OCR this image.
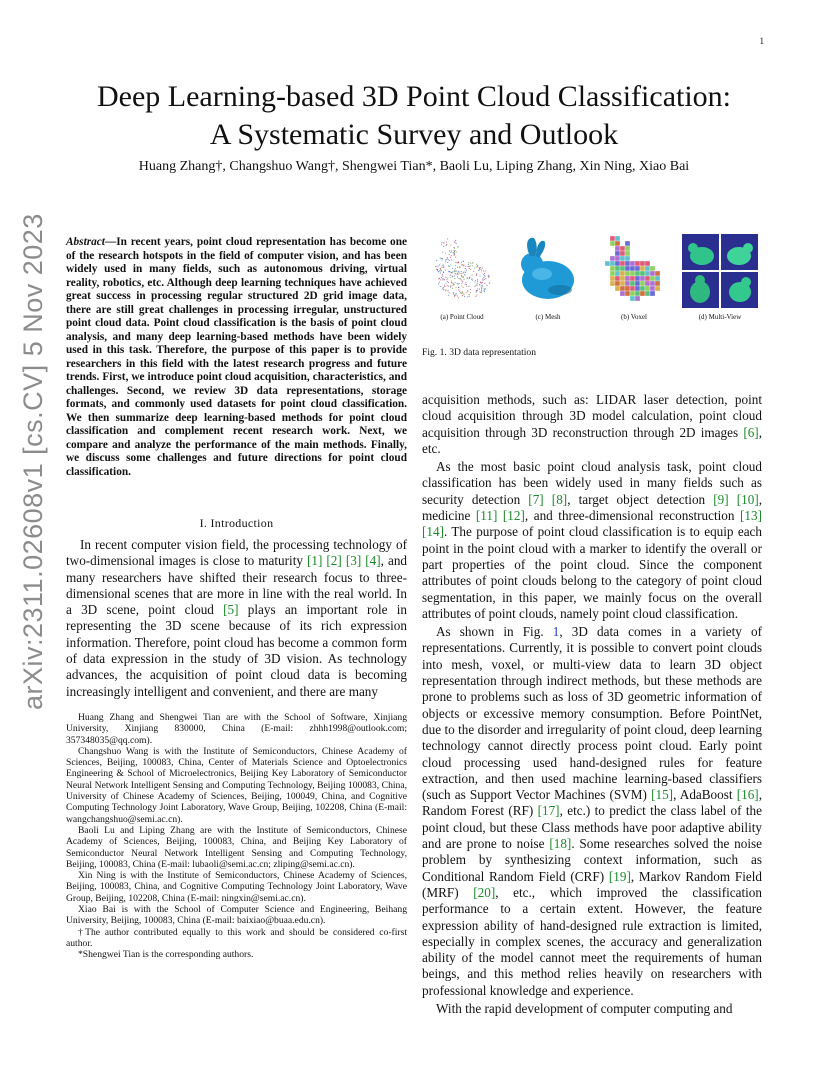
1
arXiv:2311.02608v1 [cs.CV] 5 Nov 2023
Deep Learning-based 3D Point Cloud Classification:
A Systematic Survey and Outlook
Huang Zhang†, Changshuo Wang†, Shengwei Tian*, Baoli Lu, Liping Zhang, Xin Ning, Xiao Bai
Abstract—In recent years, point cloud representation has become one of the research hotspots in the field of computer vision, and has been widely used in many fields, such as autonomous driving, virtual reality, robotics, etc. Although deep learning techniques have achieved great success in processing regular structured 2D grid image data, there are still great challenges in processing irregular, unstructured point cloud data. Point cloud classification is the basis of point cloud analysis, and many deep learning-based methods have been widely used in this task. Therefore, the purpose of this paper is to provide researchers in this field with the latest research progress and future trends. First, we introduce point cloud acquisition, characteristics, and challenges. Second, we review 3D data representations, storage formats, and commonly used datasets for point cloud classification. We then summarize deep learning-based methods for point cloud classification and complement recent research work. Next, we compare and analyze the performance of the main methods. Finally, we discuss some challenges and future directions for point cloud classification.
I. Introduction

In recent computer vision field, the processing technology of two-dimensional images is close to maturity [1] [2] [3] [4], and many researchers have shifted their research focus to three-dimensional scenes that are more in line with the real world. In a 3D scene, point cloud [5] plays an important role in representing the 3D scene because of its rich expression information. Therefore, point cloud has become a common form of data expression in the study of 3D vision. As technology advances, the acquisition of point cloud data is becoming increasingly intelligent and convenient, and there are many

Huang Zhang and Shengwei Tian are with the School of Software, Xinjiang University, Xinjiang 830000, China (E-mail: zhhh1998@outlook.com; 357348035@qq.com).

Changshuo Wang is with the Institute of Semiconductors, Chinese Academy of Sciences, Beijing, 100083, China, Center of Materials Science and Optoelectronics Engineering & School of Microelectronics, Beijing Key Laboratory of Semiconductor Neural Network Intelligent Sensing and Computing Technology, Beijing 100083, China, University of Chinese Academy of Sciences, Beijing, 100049, China, and Cognitive Computing Technology Joint Laboratory, Wave Group, Beijing, 102208, China (E-mail: wangchangshuo@semi.ac.cn).

Baoli Lu and Liping Zhang are with the Institute of Semiconductors, Chinese Academy of Sciences, Beijing, 100083, China, and Beijing Key Laboratory of Semiconductor Neural Network Intelligent Sensing and Computing Technology, Beijing, 100083, China (E-mail: lubaoli@semi.ac.cn; zliping@semi.ac.cn).

Xin Ning is with the Institute of Semiconductors, Chinese Academy of Sciences, Beijing, 100083, China, and Cognitive Computing Technology Joint Laboratory, Wave Group, Beijing, 102208, China (E-mail: ningxin@semi.ac.cn).

Xiao Bai is with the School of Computer Science and Engineering, Beihang University, Beijing, 100083, China (E-mail: baixiao@buaa.edu.cn).

†The author contributed equally to this work and should be considered co-first author.

*Shengwei Tian is the corresponding authors.

(a) Point Cloud	(c) Mesh	(b) Voxel	(d) Multi-View
Fig. 1. 3D data representation

acquisition methods, such as: LIDAR laser detection, point cloud acquisition through 3D model calculation, point cloud acquisition through 3D reconstruction through 2D images [6], etc.

As the most basic point cloud analysis task, point cloud classification has been widely used in many fields such as security detection [7] [8], target object detection [9] [10], medicine [11] [12], and three-dimensional reconstruction [13] [14]. The purpose of point cloud classification is to equip each point in the point cloud with a marker to identify the overall or part properties of the point cloud. Since the component attributes of point clouds belong to the category of point cloud segmentation, in this paper, we mainly focus on the overall attributes of point clouds, namely point cloud classification.

As shown in Fig. 1, 3D data comes in a variety of representations. Currently, it is possible to convert point clouds into mesh, voxel, or multi-view data to learn 3D object representation through indirect methods, but these methods are prone to problems such as loss of 3D geometric information of objects or excessive memory consumption. Before PointNet, due to the disorder and irregularity of point cloud, deep learning technology cannot directly process point cloud. Early point cloud processing used hand-designed rules for feature extraction, and then used machine learning-based classifiers (such as Support Vector Machines (SVM) [15], AdaBoost [16], Random Forest (RF) [17], etc.) to predict the class label of the point cloud, but these Class methods have poor adaptive ability and are prone to noise [18]. Some researches solved the noise problem by synthesizing context information, such as Conditional Random Field (CRF) [19], Markov Random Field (MRF) [20], etc., which improved the classification performance to a certain extent. However, the feature expression ability of hand-designed rule extraction is limited, especially in complex scenes, the accuracy and generalization ability of the model cannot meet the requirements of human beings, and this method relies heavily on researchers with professional knowledge and experience.

With the rapid development of computer computing and
